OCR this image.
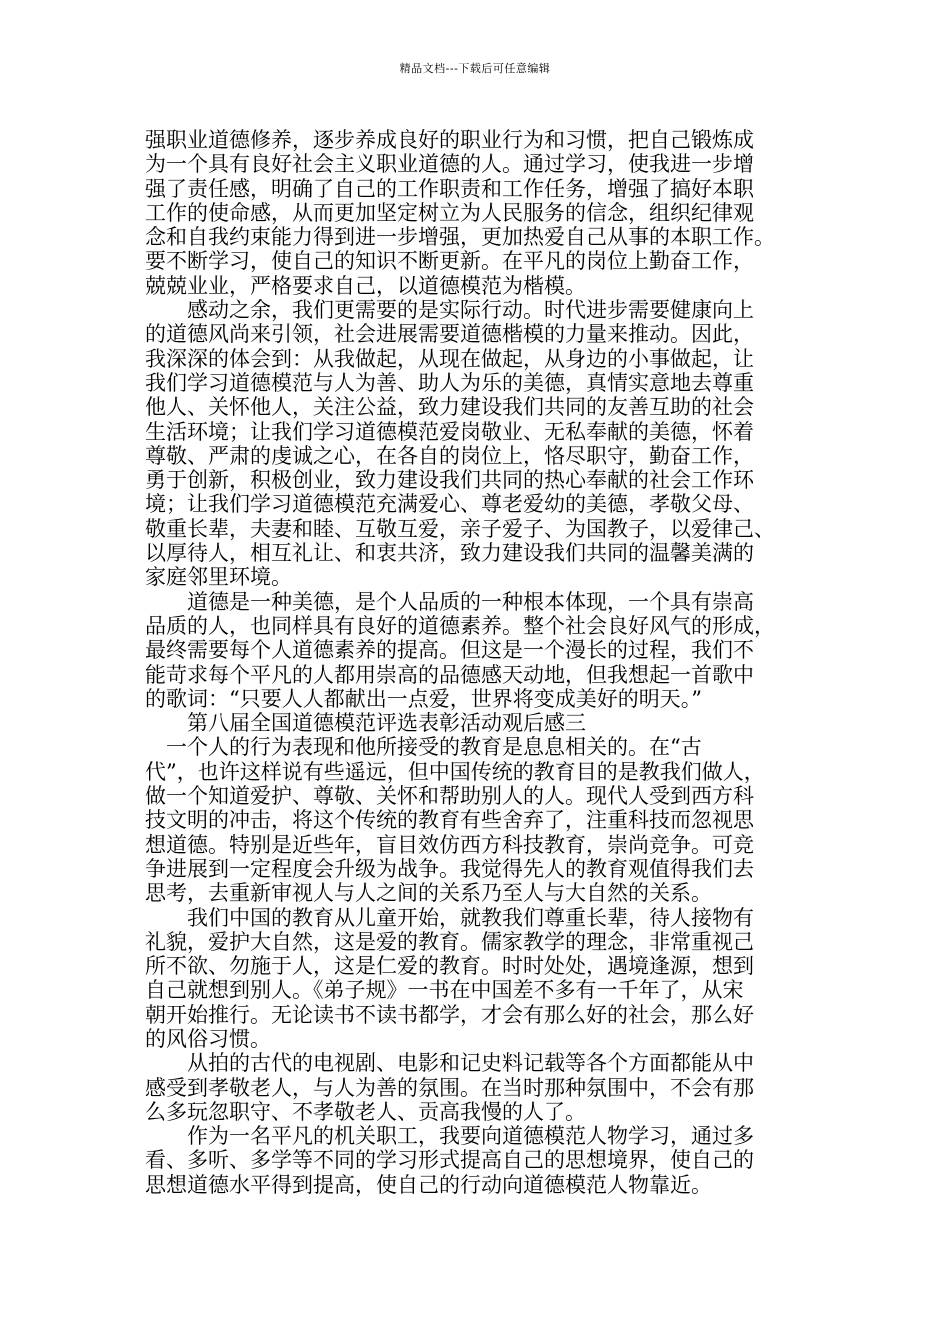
精品文档---下载后可任意编辑
强职业道德修养，逐步养成良好的职业行为和习惯，把自己锻炼成
为一个具有良好社会主义职业道德的人。通过学习，使我进一步增
强了责任感，明确了自己的工作职责和工作任务，增强了搞好本职
工作的使命感，从而更加坚定树立为人民服务的信念，组织纪律观
念和自我约束能力得到进一步增强，更加热爱自己从事的本职工作。
要不断学习，使自己的知识不断更新。在平凡的岗位上勤奋工作，
兢兢业业，严格要求自己，以道德模范为楷模。
　　感动之余，我们更需要的是实际行动。时代进步需要健康向上
的道德风尚来引领，社会进展需要道德楷模的力量来推动。因此，
我深深的体会到：从我做起，从现在做起，从身边的小事做起，让
我们学习道德模范与人为善、助人为乐的美德，真情实意地去尊重
他人、关怀他人，关注公益，致力建设我们共同的友善互助的社会
生活环境；让我们学习道德模范爱岗敬业、无私奉献的美德，怀着
尊敬、严肃的虔诚之心，在各自的岗位上，恪尽职守，勤奋工作，
勇于创新，积极创业，致力建设我们共同的热心奉献的社会工作环
境；让我们学习道德模范充满爱心、尊老爱幼的美德，孝敬父母、
敬重长辈，夫妻和睦、互敬互爱，亲子爱子、为国教子，以爱律己、
以厚待人，相互礼让、和衷共济，致力建设我们共同的温馨美满的
家庭邻里环境。
　　道德是一种美德，是个人品质的一种根本体现，一个具有崇高
品质的人，也同样具有良好的道德素养。整个社会良好风气的形成，
最终需要每个人道德素养的提高。但这是一个漫长的过程，我们不
能苛求每个平凡的人都用崇高的品德感天动地，但我想起一首歌中
的歌词：“只要人人都献出一点爱，世界将变成美好的明天。”
　　第八届全国道德模范评选表彰活动观后感三
　一个人的行为表现和他所接受的教育是息息相关的。在“古
代”，也许这样说有些遥远，但中国传统的教育目的是教我们做人，
做一个知道爱护、尊敬、关怀和帮助别人的人。现代人受到西方科
技文明的冲击，将这个传统的教育有些舍弃了，注重科技而忽视思
想道德。特别是近些年，盲目效仿西方科技教育，崇尚竞争。可竞
争进展到一定程度会升级为战争。我觉得先人的教育观值得我们去
思考，去重新审视人与人之间的关系乃至人与大自然的关系。
　　我们中国的教育从儿童开始，就教我们尊重长辈，待人接物有
礼貌，爱护大自然，这是爱的教育。儒家教学的理念，非常重视己
所不欲、勿施于人，这是仁爱的教育。时时处处，遇境逢源，想到
自己就想到别人。《弟子规》一书在中国差不多有一千年了，从宋
朝开始推行。无论读书不读书都学，才会有那么好的社会，那么好
的风俗习惯。
　　从拍的古代的电视剧、电影和记史料记载等各个方面都能从中
感受到孝敬老人，与人为善的氛围。在当时那种氛围中，不会有那
么多玩忽职守、不孝敬老人、贡高我慢的人了。
　　作为一名平凡的机关职工，我要向道德模范人物学习，通过多
看、多听、多学等不同的学习形式提高自己的思想境界，使自己的
思想道德水平得到提高，使自己的行动向道德模范人物靠近。
